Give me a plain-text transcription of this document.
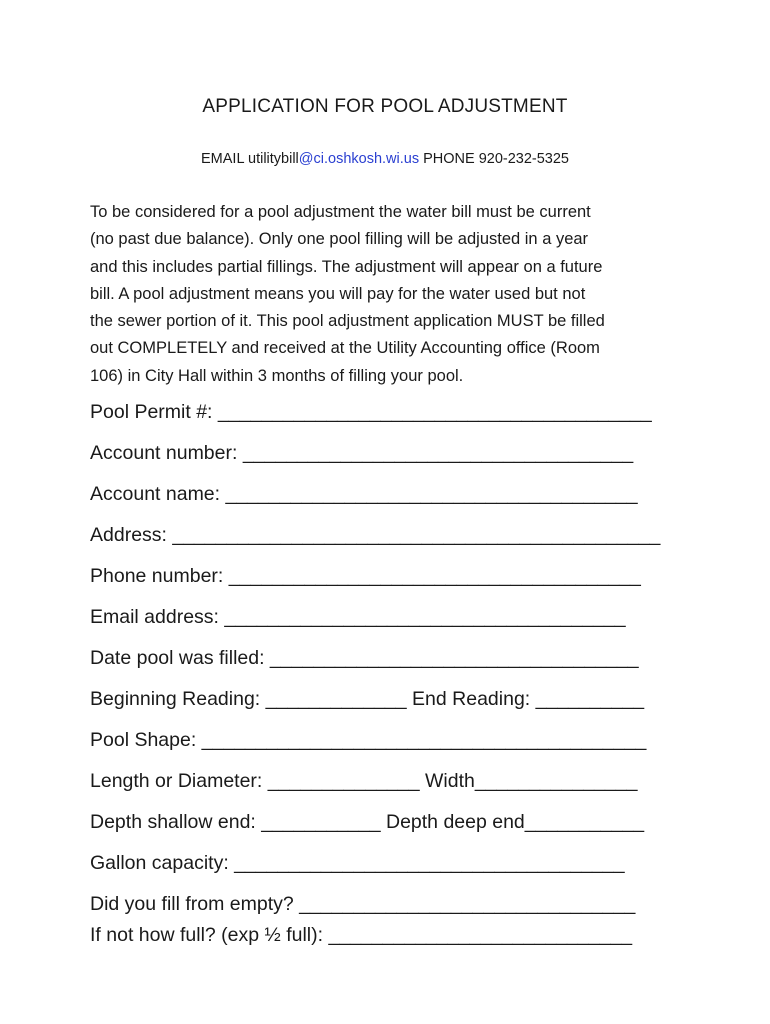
APPLICATION FOR POOL ADJUSTMENT
EMAIL utilitybill@ci.oshkosh.wi.us PHONE 920-232-5325

To be considered for a pool adjustment the water bill must be current
(no past due balance). Only one pool filling will be adjusted in a year
and this includes partial fillings. The adjustment will appear on a future
bill. A pool adjustment means you will pay for the water used but not
the sewer portion of it. This pool adjustment application MUST be filled
out COMPLETELY and received at the Utility Accounting office (Room
106) in City Hall within 3 months of filling your pool.

Pool Permit #: ________________________________________
Account number: ____________________________________
Account name: ______________________________________
Address: _____________________________________________
Phone number: ______________________________________
Email address: _____________________________________
Date pool was filled: __________________________________
Beginning Reading: _____________ End Reading: __________
Pool Shape: _________________________________________
Length or Diameter: ______________ Width_______________
Depth shallow end: ___________ Depth deep end___________
Gallon capacity: ____________________________________
Did you fill from empty? _______________________________
If not how full? (exp ½ full): ____________________________
